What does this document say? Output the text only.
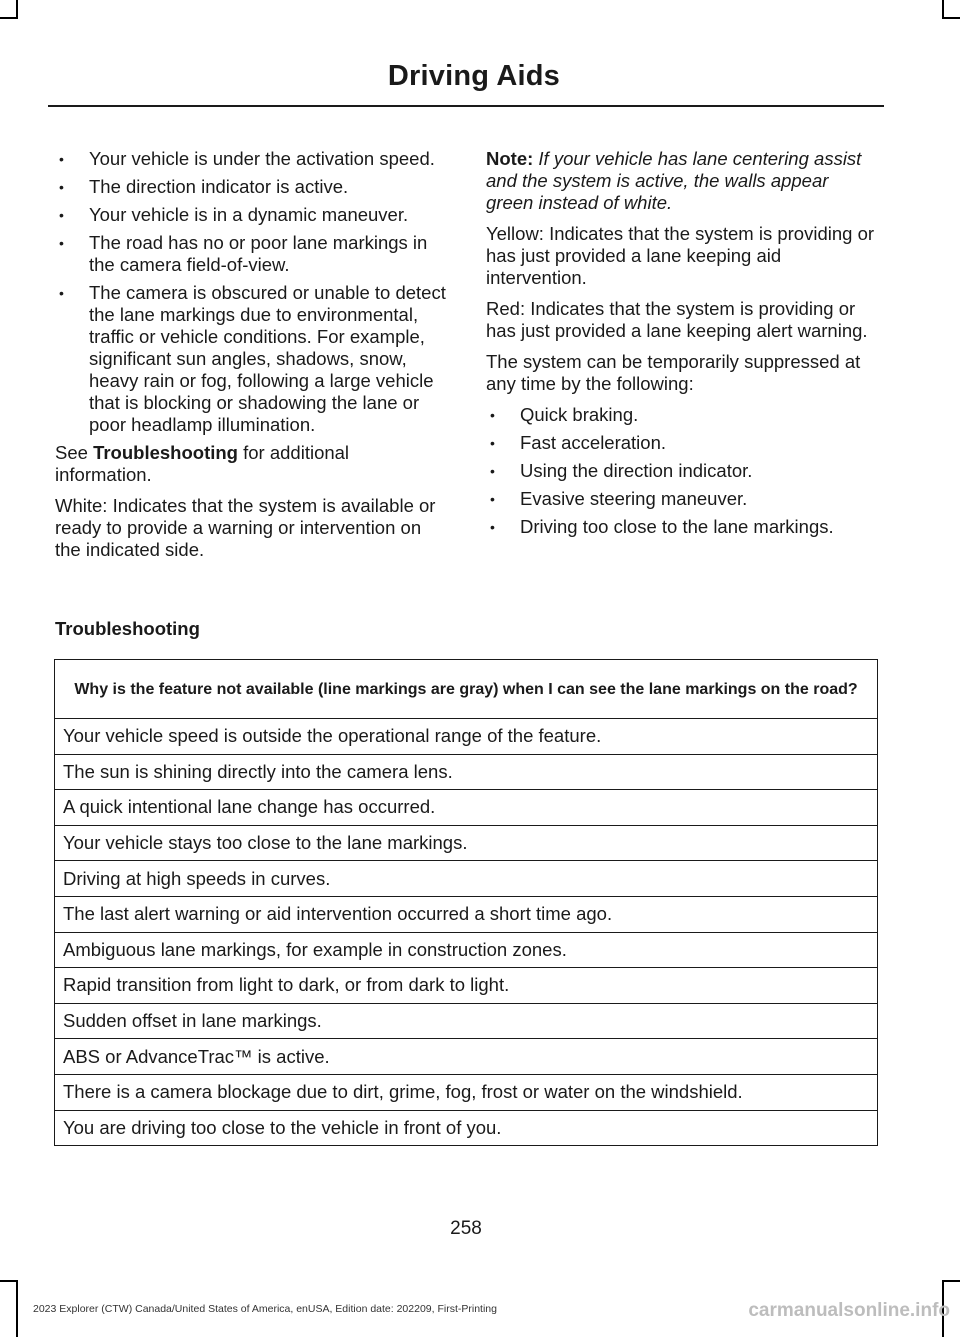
Driving Aids
• Your vehicle is under the activation speed.
• The direction indicator is active.
• Your vehicle is in a dynamic maneuver.
• The road has no or poor lane markings in the camera field-of-view.
• The camera is obscured or unable to detect the lane markings due to environmental, traffic or vehicle conditions. For example, significant sun angles, shadows, snow, heavy rain or fog, following a large vehicle that is blocking or shadowing the lane or poor headlamp illumination.

See Troubleshooting for additional information.

White: Indicates that the system is available or ready to provide a warning or intervention on the indicated side.

Note: If your vehicle has lane centering assist and the system is active, the walls appear green instead of white.

Yellow: Indicates that the system is providing or has just provided a lane keeping aid intervention.

Red: Indicates that the system is providing or has just provided a lane keeping alert warning.

The system can be temporarily suppressed at any time by the following:

• Quick braking.
• Fast acceleration.
• Using the direction indicator.
• Evasive steering maneuver.
• Driving too close to the lane markings.
Troubleshooting
Why is the feature not available (line markings are gray) when I can see the lane markings on the road?
Your vehicle speed is outside the operational range of the feature.
The sun is shining directly into the camera lens.
A quick intentional lane change has occurred.
Your vehicle stays too close to the lane markings.
Driving at high speeds in curves.
The last alert warning or aid intervention occurred a short time ago.
Ambiguous lane markings, for example in construction zones.
Rapid transition from light to dark, or from dark to light.
Sudden offset in lane markings.
ABS or AdvanceTrac™ is active.
There is a camera blockage due to dirt, grime, fog, frost or water on the windshield.
You are driving too close to the vehicle in front of you.
258
2023 Explorer (CTW) Canada/United States of America, enUSA, Edition date: 202209, First-Printing	carmanualsonline.info
